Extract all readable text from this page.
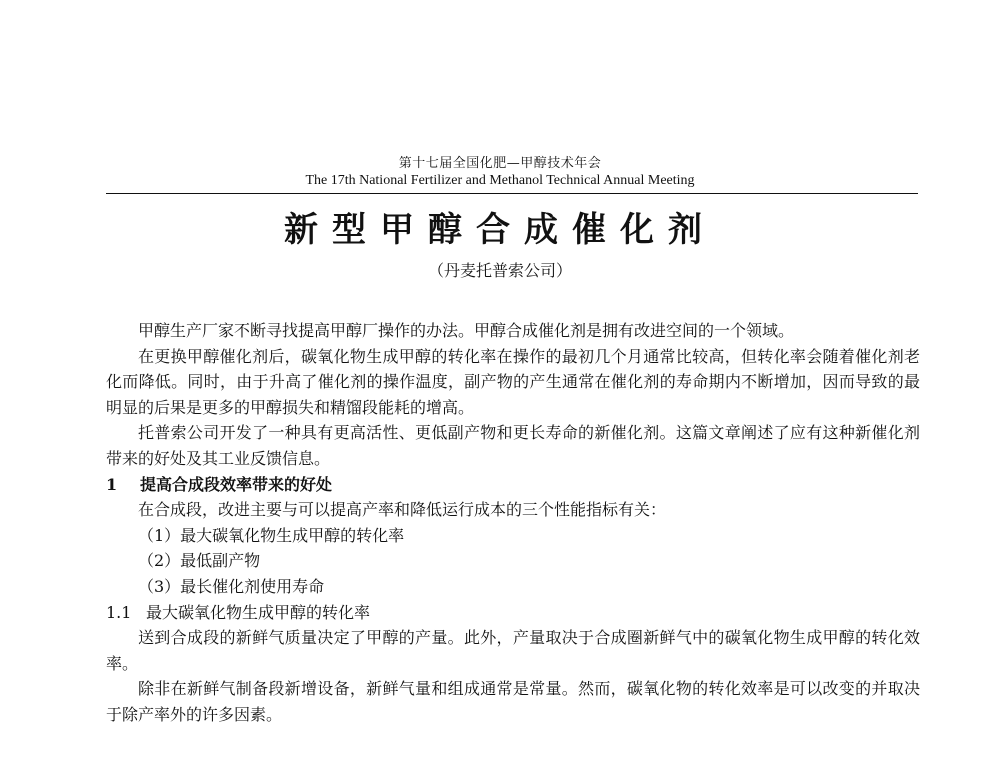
第十七届全国化肥—甲醇技术年会
The 17th National Fertilizer and Methanol Technical Annual Meeting
新型甲醇合成催化剂
（丹麦托普索公司）

甲醇生产厂家不断寻找提高甲醇厂操作的办法。甲醇合成催化剂是拥有改进空间的一个领域。

在更换甲醇催化剂后，碳氧化物生成甲醇的转化率在操作的最初几个月通常比较高，但转化率会随着催化剂老化而降低。同时，由于升高了催化剂的操作温度，副产物的产生通常在催化剂的寿命期内不断增加，因而导致的最明显的后果是更多的甲醇损失和精馏段能耗的增高。

托普索公司开发了一种具有更高活性、更低副产物和更长寿命的新催化剂。这篇文章阐述了应有这种新催化剂带来的好处及其工业反馈信息。

1 提高合成段效率带来的好处

在合成段，改进主要与可以提高产率和降低运行成本的三个性能指标有关：

（1）最大碳氧化物生成甲醇的转化率

（2）最低副产物

（3）最长催化剂使用寿命

1.1 最大碳氧化物生成甲醇的转化率

送到合成段的新鲜气质量决定了甲醇的产量。此外，产量取决于合成圈新鲜气中的碳氧化物生成甲醇的转化效率。

除非在新鲜气制备段新增设备，新鲜气量和组成通常是常量。然而，碳氧化物的转化效率是可以改变的并取决于除产率外的许多因素。
